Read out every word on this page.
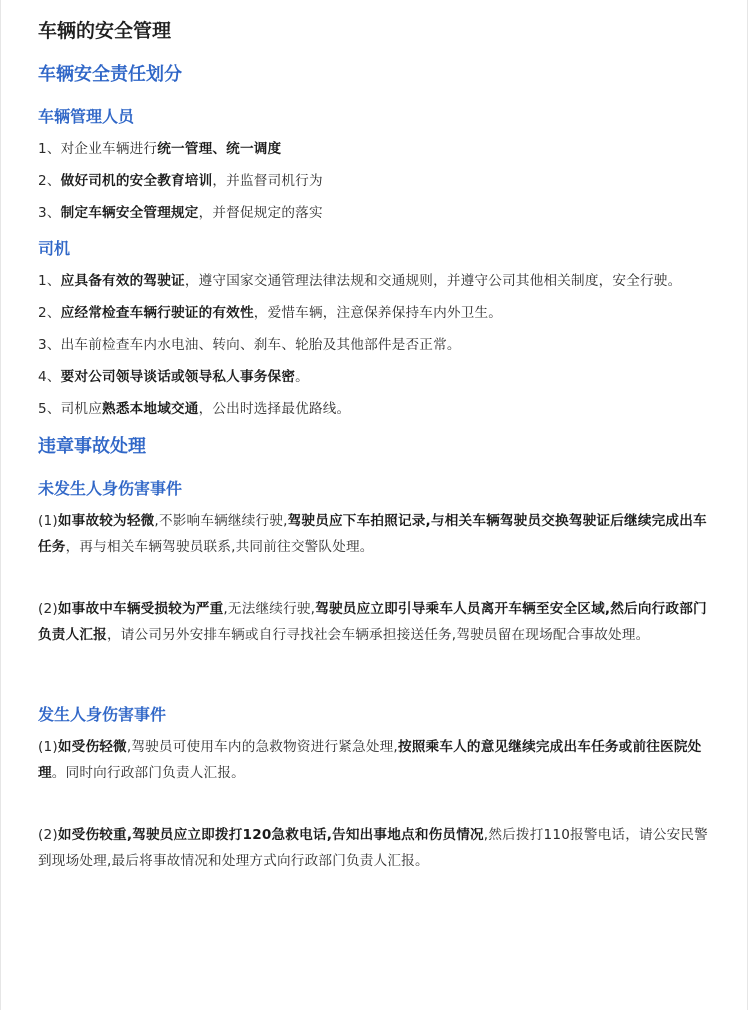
车辆的安全管理
车辆安全责任划分
车辆管理人员
1、对企业车辆进行统一管理、统一调度
2、做好司机的安全教育培训，并监督司机行为
3、制定车辆安全管理规定，并督促规定的落实
司机
1、应具备有效的驾驶证，遵守国家交通管理法律法规和交通规则，并遵守公司其他相关制度，安全行驶。
2、应经常检查车辆行驶证的有效性，爱惜车辆，注意保养保持车内外卫生。
3、出车前检查车内水电油、转向、刹车、轮胎及其他部件是否正常。
4、要对公司领导谈话或领导私人事务保密。
5、司机应熟悉本地域交通，公出时选择最优路线。
违章事故处理
未发生人身伤害事件
(1)如事故较为轻微,不影响车辆继续行驶,驾驶员应下车拍照记录,与相关车辆驾驶员交换驾驶证后继续完成出车任务，再与相关车辆驾驶员联系,共同前往交警队处理。
(2)如事故中车辆受损较为严重,无法继续行驶,驾驶员应立即引导乘车人员离开车辆至安全区域,然后向行政部门负责人汇报，请公司另外安排车辆或自行寻找社会车辆承担接送任务,驾驶员留在现场配合事故处理。
发生人身伤害事件
(1)如受伤轻微,驾驶员可使用车内的急救物资进行紧急处理,按照乘车人的意见继续完成出车任务或前往医院处理。同时向行政部门负责人汇报。
(2)如受伤较重,驾驶员应立即拨打120急救电话,告知出事地点和伤员情况,然后拨打110报警电话，请公安民警到现场处理,最后将事故情况和处理方式向行政部门负责人汇报。
